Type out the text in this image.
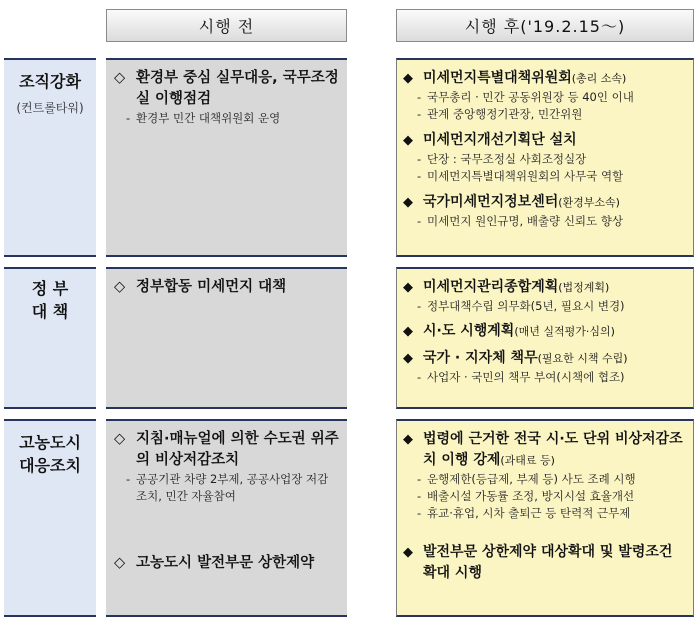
시행 전	시행 후('19.2.15～)
조직강화
(컨트롤타워)
◇ 환경부 중심 실무대응, 국무조정실 이행점검
- 환경부 민간 대책위원회 운영
◆ 미세먼지특별대책위원회(총리 소속)
- 국무총리 · 민간 공동위원장 등 40인 이내
- 관계 중앙행정기관장, 민간위원
◆ 미세먼지개선기획단 설치
- 단장 : 국무조정실 사회조정실장
- 미세먼지특별대책위원회의 사무국 역할
◆ 국가미세먼지정보센터(환경부소속)
- 미세먼지 원인규명, 배출량 신뢰도 향상
정 부
대 책
◇ 정부합동 미세먼지 대책	◆ 미세먼지관리종합계획(법정계획)
- 정부대책수립 의무화(5년, 필요시 변경)
◆ 시·도 시행계획(매년 실적평가·심의)
◆ 국가 · 지자체 책무(필요한 시책 수립)
- 사업자 · 국민의 책무 부여(시책에 협조)
고농도시
대응조치
◇ 지침·매뉴얼에 의한 수도권 위주의 비상저감조치
- 공공기관 차량 2부제, 공공사업장 저감조치, 민간 자율참여
◇ 고농도시 발전부문 상한제약
◆ 법령에 근거한 전국 시·도 단위 비상저감조치 이행 강제(과태료 등)
- 운행제한(등급제, 부제 등) 사도 조례 시행
- 배출시설 가동률 조정, 방지시설 효율개선
- 휴교·휴업, 시차 출퇴근 등 탄력적 근무제
◆ 발전부문 상한제약 대상확대 및 발령조건 확대 시행
